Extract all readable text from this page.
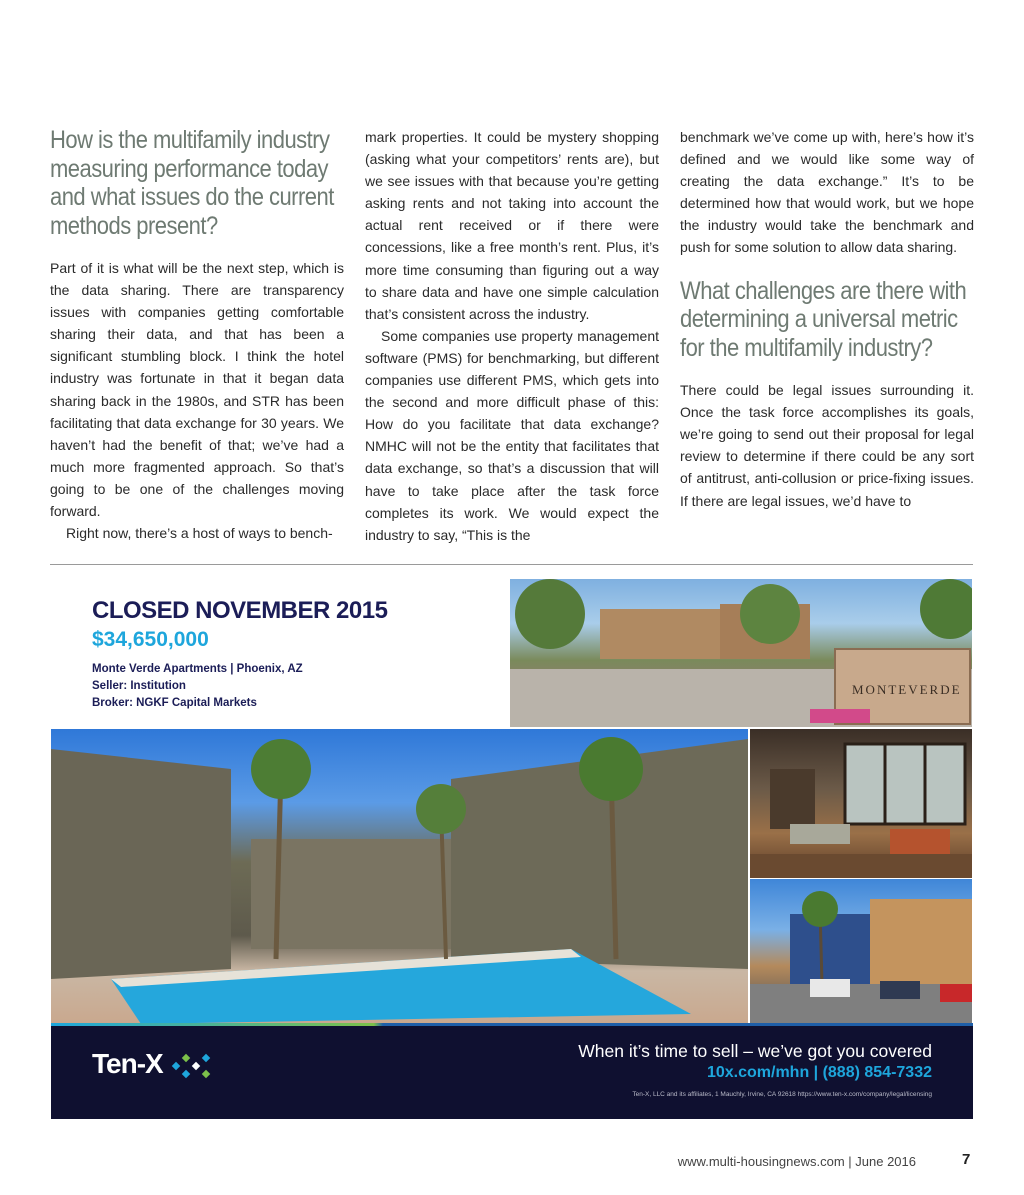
How is the multifamily industry measuring performance today and what issues do the current methods present?

Part of it is what will be the next step, which is the data sharing. There are transparency issues with companies getting comfortable sharing their data, and that has been a significant stumbling block. I think the hotel industry was fortunate in that it began data sharing back in the 1980s, and STR has been facilitating that data exchange for 30 years. We haven’t had the benefit of that; we’ve had a much more fragmented approach. So that’s going to be one of the challenges moving forward.

Right now, there’s a host of ways to bench-

mark properties. It could be mystery shopping (asking what your competitors’ rents are), but we see issues with that because you’re getting asking rents and not taking into account the actual rent received or if there were concessions, like a free month’s rent. Plus, it’s more time consuming than figuring out a way to share data and have one simple calculation that’s consistent across the industry.

Some companies use property management software (PMS) for benchmarking, but different companies use different PMS, which gets into the second and more difficult phase of this: How do you facilitate that data exchange? NMHC will not be the entity that facilitates that data exchange, so that’s a discussion that will have to take place after the task force completes its work. We would expect the industry to say, “This is the

benchmark we’ve come up with, here’s how it’s defined and we would like some way of creating the data exchange.” It’s to be determined how that would work, but we hope the industry would take the benchmark and push for some solution to allow data sharing.

What challenges are there with determining a universal metric for the multifamily industry?

There could be legal issues surrounding it. Once the task force accomplishes its goals, we’re going to send out their proposal for legal review to determine if there could be any sort of antitrust, anti-collusion or price-fixing issues. If there are legal issues, we’d have to

CLOSED NOVEMBER 2015
$34,650,000
Monte Verde Apartments | Phoenix, AZ
Seller: Institution
Broker: NGKF Capital Markets
MONTEVERDE
Ten-X	When it’s time to sell – we’ve got you covered
10x.com/mhn | (888) 854-7332
Ten-X, LLC and its affiliates, 1 Mauchly, Irvine, CA 92618 https://www.ten-x.com/company/legal/licensing
www.multi-housingnews.com | June 2016	7
